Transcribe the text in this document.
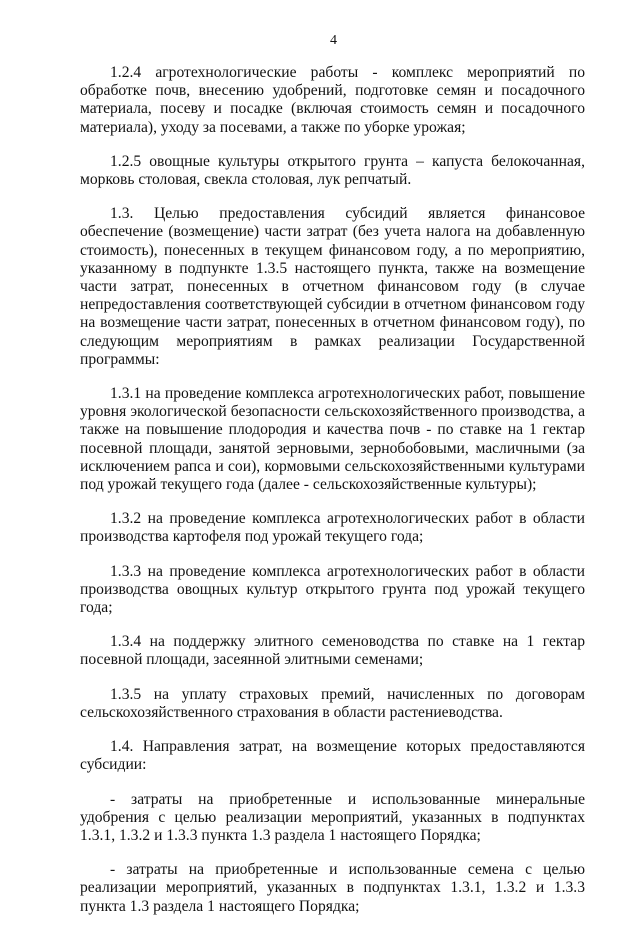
4

1.2.4 агротехнологические работы - комплекс мероприятий по обработке почв, внесению удобрений, подготовке семян и посадочного материала, посеву и посадке (включая стоимость семян и посадочного материала), уходу за посевами, а также по уборке урожая;

1.2.5 овощные культуры открытого грунта – капуста белокочанная, морковь столовая, свекла столовая, лук репчатый.

1.3. Целью предоставления субсидий является финансовое обеспечение (возмещение) части затрат (без учета налога на добавленную стоимость), понесенных в текущем финансовом году, а по мероприятию, указанному в подпункте 1.3.5 настоящего пункта, также на возмещение части затрат, понесенных в отчетном финансовом году (в случае непредоставления соответствующей субсидии в отчетном финансовом году на возмещение части затрат, понесенных в отчетном финансовом году), по следующим мероприятиям в рамках реализации Государственной программы:

1.3.1 на проведение комплекса агротехнологических работ, повышение уровня экологической безопасности сельскохозяйственного производства, а также на повышение плодородия и качества почв - по ставке на 1 гектар посевной площади, занятой зерновыми, зернобобовыми, масличными (за исключением рапса и сои), кормовыми сельскохозяйственными культурами под урожай текущего года (далее - сельскохозяйственные культуры);

1.3.2 на проведение комплекса агротехнологических работ в области производства картофеля под урожай текущего года;

1.3.3 на проведение комплекса агротехнологических работ в области производства овощных культур открытого грунта под урожай текущего года;

1.3.4 на поддержку элитного семеноводства по ставке на 1 гектар посевной площади, засеянной элитными семенами;

1.3.5 на уплату страховых премий, начисленных по договорам сельскохозяйственного страхования в области растениеводства.

1.4. Направления затрат, на возмещение которых предоставляются субсидии:

- затраты на приобретенные и использованные минеральные удобрения с целью реализации мероприятий, указанных в подпунктах 1.3.1, 1.3.2 и 1.3.3 пункта 1.3 раздела 1 настоящего Порядка;

- затраты на приобретенные и использованные семена с целью реализации мероприятий, указанных в подпунктах 1.3.1, 1.3.2 и 1.3.3 пункта 1.3 раздела 1 настоящего Порядка;
